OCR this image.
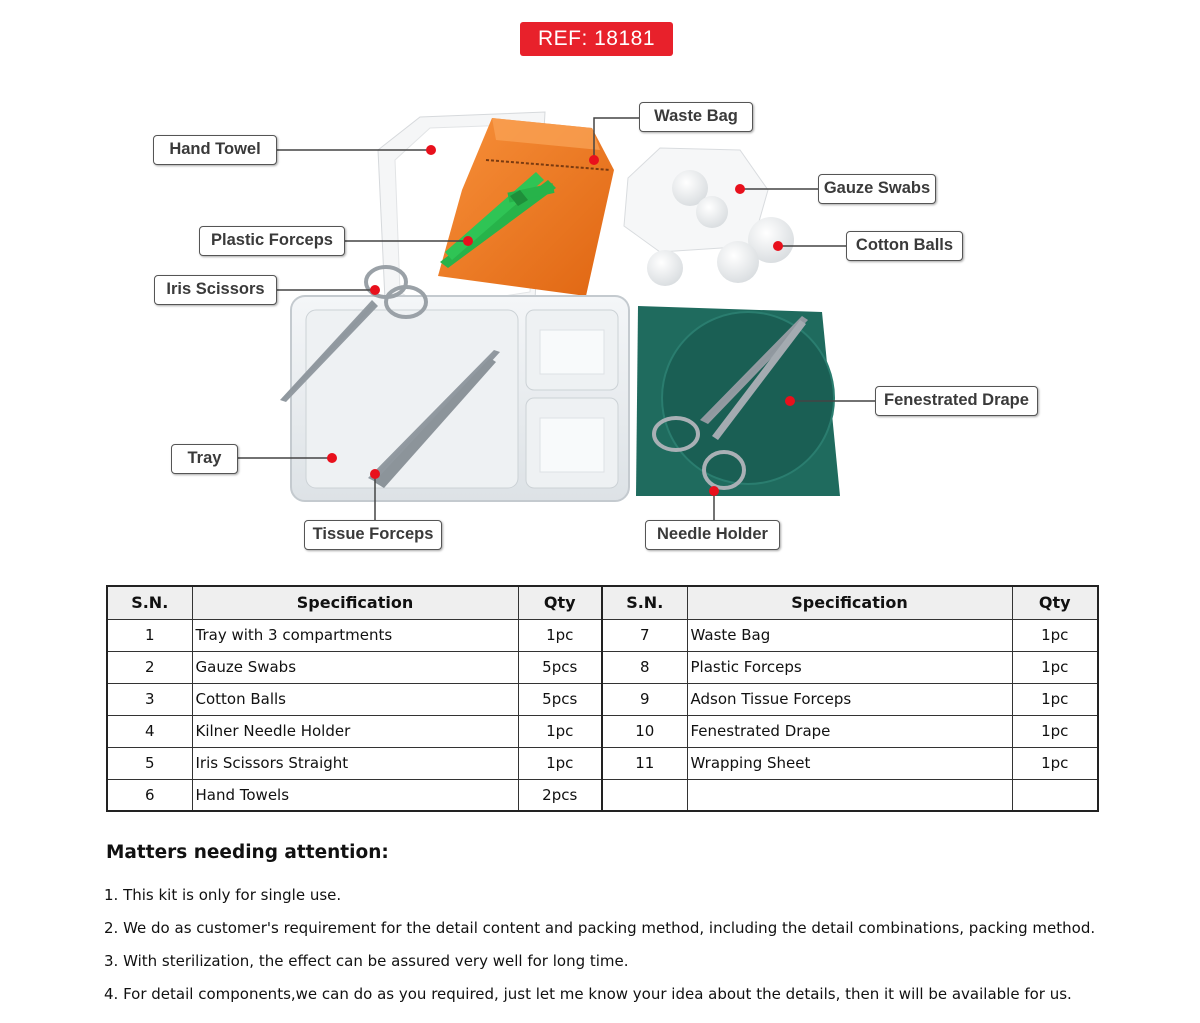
REF: 18181
Hand Towel
Waste Bag
Gauze Swabs
Plastic Forceps	Cotton Balls
Iris Scissors
Fenestrated Drape
Tray
Tissue Forceps	Needle Holder
S.N.	Specification	Qty	S.N.	Specification	Qty
1	Tray with 3 compartments	1pc	7	Waste Bag	1pc
2	Gauze Swabs	5pcs	8	Plastic Forceps	1pc
3	Cotton Balls	5pcs	9	Adson Tissue Forceps	1pc
4	Kilner Needle Holder	1pc	10	Fenestrated Drape	1pc
5	Iris Scissors Straight	1pc	11	Wrapping Sheet	1pc
6	Hand Towels	2pcs			
Matters needing attention:
1. This kit is only for single use.
2. We do as customer's requirement for the detail content and packing method, including the detail combinations, packing method.
3. With sterilization, the effect can be assured very well for long time.
4. For detail components,we can do as you required, just let me know your idea about the details, then it will be available for us.
